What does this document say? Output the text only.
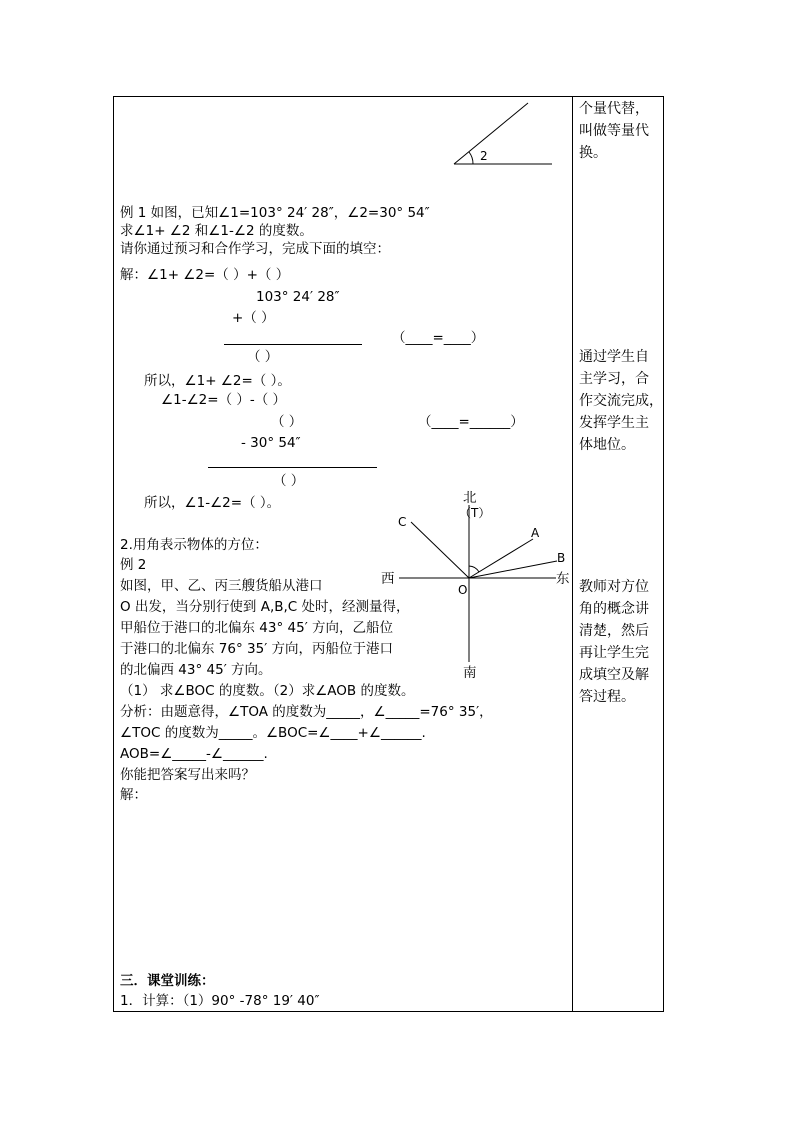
个量代替，
叫做等量代
换。
通过学生自
主学习，合
作交流完成，
发挥学生主
体地位。
教师对方位
角的概念讲
清楚，然后
再让学生完
成填空及解
答过程。
2
例 1 如图，已知∠1=103° 24′ 28″，∠2=30° 54″
求∠1+ ∠2 和∠1-∠2 的度数。
请你通过预习和合作学习，完成下面的填空：
解：∠1+ ∠2=（ ）+（ ）
103° 24′ 28″
+（ ）
（____=____）
（ ）
所以，∠1+ ∠2=（ ）。
∠1-∠2=（ ）-（ ）
（ ）	（____=______）
- 30° 54″
（ ）
所以，∠1-∠2=（ ）。	北
（T）
C
A
B
西	东
O
南
2.用角表示物体的方位：
例 2
如图，甲、乙、丙三艘货船从港口
O 出发，当分别行使到 A,B,C 处时，经测量得，
甲船位于港口的北偏东 43° 45′ 方向，乙船位
于港口的北偏东 76° 35′ 方向，丙船位于港口
的北偏西 43° 45′ 方向。
（1） 求∠BOC 的度数。（2）求∠AOB 的度数。
分析：由题意得，∠TOA 的度数为_____，∠_____=76° 35′，
∠TOC 的度数为_____。∠BOC=∠____+∠______.
AOB=∠_____-∠______.
你能把答案写出来吗？
解：
三．课堂训练：
1．计算：（1）90° -78° 19′ 40″
